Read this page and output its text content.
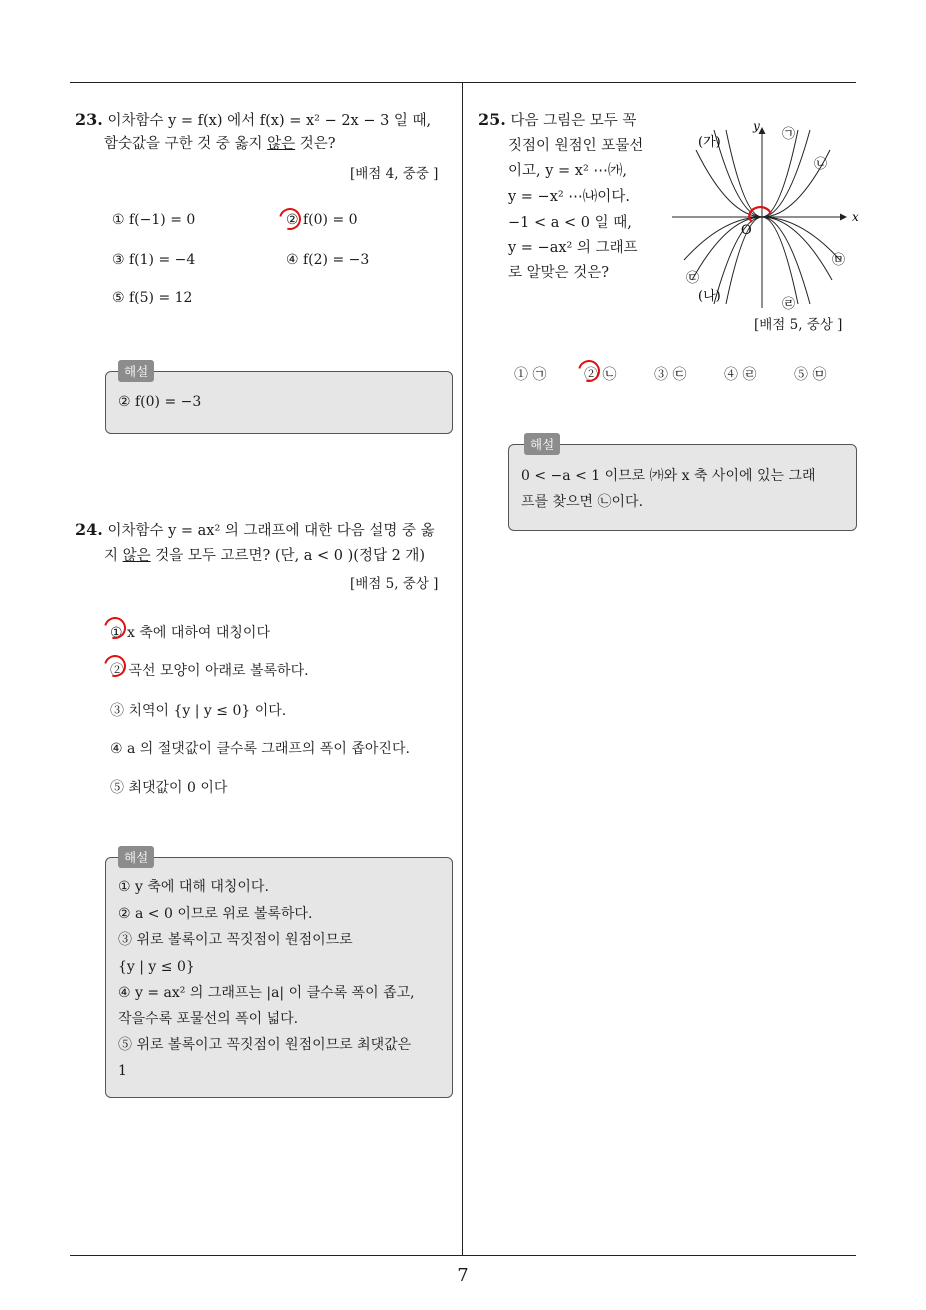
7
23. 이차함수 y = f(x) 에서 f(x) = x² − 2x − 3 일 때,
함숫값을 구한 것 중 옳지 않은 것은?
[배점 4, 중중 ]
① f(−1) = 0	② f(0) = 0
③ f(1) = −4	④ f(2) = −3
⑤ f(5) = 12
② f(0) = −3
해설
24. 이차함수 y = ax² 의 그래프에 대한 다음 설명 중 옳
지 않은 것을 모두 고르면? (단, a < 0 )(정답 2 개)
[배점 5, 중상 ]
① x 축에 대하여 대칭이다
② 곡선 모양이 아래로 볼록하다.
③ 치역이 {y | y ≤ 0} 이다.
④ a 의 절댓값이 클수록 그래프의 폭이 좁아진다.
⑤ 최댓값이 0 이다
① y 축에 대해 대칭이다.
② a < 0 이므로 위로 볼록하다.
③ 위로 볼록이고 꼭짓점이 원점이므로
{y | y ≤ 0}
④ y = ax² 의 그래프는 |a| 이 클수록 폭이 좁고,
작을수록 포물선의 폭이 넓다.
⑤ 위로 볼록이고 꼭짓점이 원점이므로 최댓값은
1
해설
25. 다음 그림은 모두 꼭
짓점이 원점인 포물선
이고, y = x² ⋯㈎,
y = −x² ⋯㈏이다.
−1 < a < 0 일 때,
y = −ax² 의 그래프
로 알맞은 것은?
x
y
O
(가)
㉠
㉡
㉢
(나)
㉣
㉤
[배점 5, 중상 ]
① ㉠	② ㉡	③ ㉢	④ ㉣	⑤ ㉤
0 < −a < 1 이므로 ㈎와 x 축 사이에 있는 그래
프를 찾으면 ㉡이다.
해설
